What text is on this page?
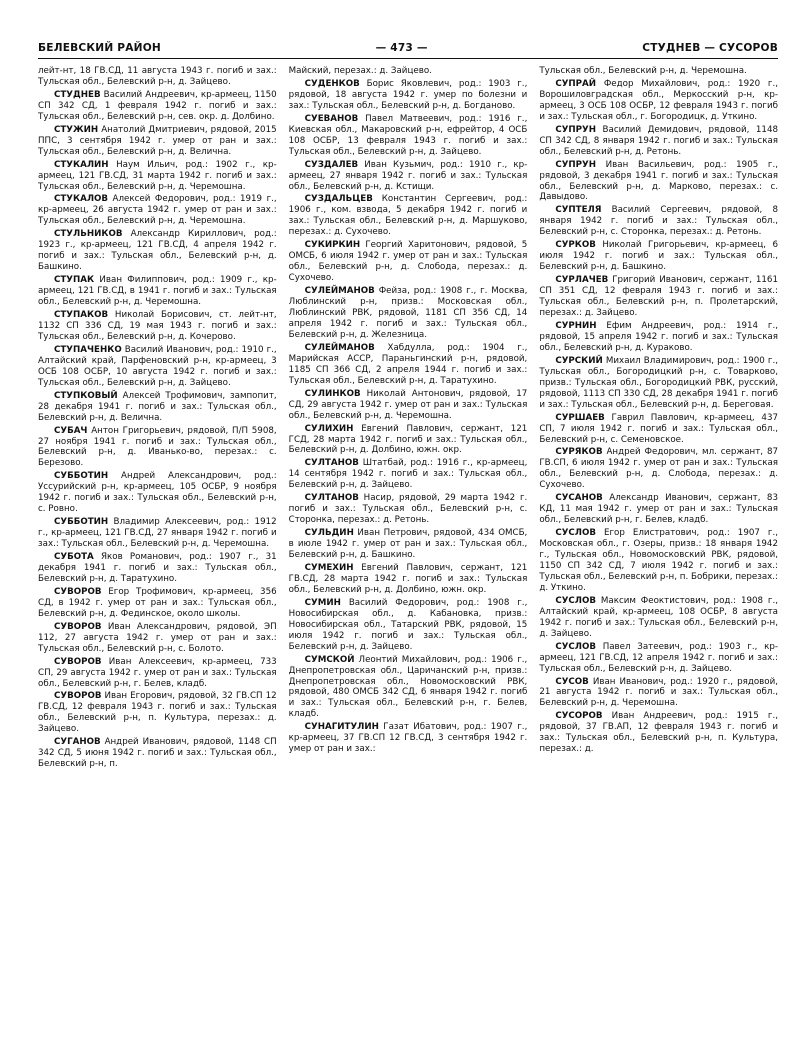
БЕЛЕВСКИЙ РАЙОН	— 473 —	СТУДНЕВ — СУСОРОВ

лейт-нт, 18 ГВ.СД, 11 августа 1943 г. погиб и зах.: Тульская обл., Белевский р-н, д. Зайцево.

СТУДНЕВ Василий Андреевич, кр-армеец, 1150 СП 342 СД, 1 февраля 1942 г. погиб и зах.: Тульская обл., Белевский р-н, сев. окр. д. Долбино.

СТУЖИН Анатолий Дмитриевич, рядовой, 2015 ППС, 3 сентября 1942 г. умер от ран и зах.: Тульская обл., Белевский р-н, д. Велична.

СТУКАЛИН Наум Ильич, род.: 1902 г., кр-армеец, 121 ГВ.СД, 31 марта 1942 г. погиб и зах.: Тульская обл., Белевский р-н, д. Черемошна.

СТУКАЛОВ Алексей Федорович, род.: 1919 г., кр-армеец, 26 августа 1942 г. умер от ран и зах.: Тульская обл., Белевский р-н, д. Черемошна.

СТУЛЬНИКОВ Александр Кириллович, род.: 1923 г., кр-армеец, 121 ГВ.СД, 4 апреля 1942 г. погиб и зах.: Тульская обл., Белевский р-н, д. Башкино.

СТУПАК Иван Филиппович, род.: 1909 г., кр-армеец, 121 ГВ.СД, в 1941 г. погиб и зах.: Тульская обл., Белевский р-н, д. Черемошна.

СТУПАКОВ Николай Борисович, ст. лейт-нт, 1132 СП 336 СД, 19 мая 1943 г. погиб и зах.: Тульская обл., Белевский р-н, д. Кочерово.

СТУПАЧЕНКО Василий Иванович, род.: 1910 г., Алтайский край, Парфеновский р-н, кр-армеец, 3 ОСБ 108 ОСБР, 10 августа 1942 г. погиб и зах.: Тульская обл., Белевский р-н, д. Зайцево.

СТУПКОВЫЙ Алексей Трофимович, зампопит, 28 декабря 1941 г. погиб и зах.: Тульская обл., Белевский р-н, д. Велична.

СУБАЧ Антон Григорьевич, рядовой, П/П 5908, 27 ноября 1941 г. погиб и зах.: Тульская обл., Белевский р-н, д. Иванько-во, перезах.: с. Березово.

СУББОТИН Андрей Александрович, род.: Уссурийский р-н, кр-армеец, 105 ОСБР, 9 ноября 1942 г. погиб и зах.: Тульская обл., Белевский р-н, с. Ровно.

СУББОТИН Владимир Алексеевич, род.: 1912 г., кр-армеец, 121 ГВ.СД, 27 января 1942 г. погиб и зах.: Тульская обл., Белевский р-н, д. Черемошна.

СУБОТА Яков Романович, род.: 1907 г., 31 декабря 1941 г. погиб и зах.: Тульская обл., Белевский р-н, д. Таратухино.

СУВОРОВ Егор Трофимович, кр-армеец, 356 СД, в 1942 г. умер от ран и зах.: Тульская обл., Белевский р-н, д. Фединское, около школы.

СУВОРОВ Иван Александрович, рядовой, ЭП 112, 27 августа 1942 г. умер от ран и зах.: Тульская обл., Белевский р-н, с. Болото.

СУВОРОВ Иван Алексеевич, кр-армеец, 733 СП, 29 августа 1942 г. умер от ран и зах.: Тульская обл., Белевский р-н, г. Белев, кладб.

СУВОРОВ Иван Егорович, рядовой, 32 ГВ.СП 12 ГВ.СД, 12 февраля 1943 г. погиб и зах.: Тульская обл., Белевский р-н, п. Культура, перезах.: д. Зайцево.

СУГАНОВ Андрей Иванович, рядовой, 1148 СП 342 СД, 5 июня 1942 г. погиб и зах.: Тульская обл., Белевский р-н, п.

Майский, перезах.: д. Зайцево.

СУДЕНКОВ Борис Яковлевич, род.: 1903 г., рядовой, 18 августа 1942 г. умер по болезни и зах.: Тульская обл., Белевский р-н, д. Богданово.

СУЕВАНОВ Павел Матвеевич, род.: 1916 г., Киевская обл., Макаровский р-н, ефрейтор, 4 ОСБ 108 ОСБР, 13 февраля 1943 г. погиб и зах.: Тульская обл., Белевский р-н, д. Зайцево.

СУЗДАЛЕВ Иван Кузьмич, род.: 1910 г., кр-армеец, 27 января 1942 г. погиб и зах.: Тульская обл., Белевский р-н, д. Кстищи.

СУЗДАЛЬЦЕВ Константин Сергеевич, род.: 1906 г., ком. взвода, 5 декабря 1942 г. погиб и зах.: Тульская обл., Белевский р-н, д. Маршуково, перезах.: д. Сухочево.

СУКИРКИН Георгий Харитонович, рядовой, 5 ОМСБ, 6 июля 1942 г. умер от ран и зах.: Тульская обл., Белевский р-н, д. Слобода, перезах.: д. Сухочево.

СУЛЕЙМАНОВ Фейза, род.: 1908 г., г. Москва, Люблинский р-н, призв.: Московская обл., Люблинский РВК, рядовой, 1181 СП 356 СД, 14 апреля 1942 г. погиб и зах.: Тульская обл., Белевский р-н, д. Железница.

СУЛЕЙМАНОВ Хабдулла, род.: 1904 г., Марийская АССР, Параньгинский р-н, рядовой, 1185 СП 366 СД, 2 апреля 1944 г. погиб и зах.: Тульская обл., Белевский р-н, д. Таратухино.

СУЛИНКОВ Николай Антонович, рядовой, 17 СД, 29 августа 1942 г. умер от ран и зах.: Тульская обл., Белевский р-н, д. Черемошна.

СУЛИХИН Евгений Павлович, сержант, 121 ГСД, 28 марта 1942 г. погиб и зах.: Тульская обл., Белевский р-н, д. Долбино, южн. окр.

СУЛТАНОВ Штатбай, род.: 1916 г., кр-армеец, 14 сентября 1942 г. погиб и зах.: Тульская обл., Белевский р-н, д. Зайцево.

СУЛТАНОВ Насир, рядовой, 29 марта 1942 г. погиб и зах.: Тульская обл., Белевский р-н, с. Сторонка, перезах.: д. Ретонь.

СУЛЬДИН Иван Петрович, рядовой, 434 ОМСБ, в июле 1942 г. умер от ран и зах.: Тульская обл., Белевский р-н, д. Башкино.

СУМЕХИН Евгений Павлович, сержант, 121 ГВ.СД, 28 марта 1942 г. погиб и зах.: Тульская обл., Белевский р-н, д. Долбино, южн. окр.

СУМИН Василий Федорович, род.: 1908 г., Новосибирская обл., д. Кабановка, призв.: Новосибирская обл., Татарский РВК, рядовой, 15 июля 1942 г. погиб и зах.: Тульская обл., Белевский р-н, д. Зайцево.

СУМСКОЙ Леонтий Михайлович, род.: 1906 г., Днепропетровская обл., Царичанский р-н, призв.: Днепропетровская обл., Новомосковский РВК, рядовой, 480 ОМСБ 342 СД, 6 января 1942 г. погиб и зах.: Тульская обл., Белевский р-н, г. Белев, кладб.

СУНАГИТУЛИН Газат Ибатович, род.: 1907 г., кр-армеец, 37 ГВ.СП 12 ГВ.СД, 3 сентября 1942 г. умер от ран и зах.:

Тульская обл., Белевский р-н, д. Черемошна.

СУПРАЙ Федор Михайлович, род.: 1920 г., Ворошиловградская обл., Меркосский р-н, кр-армеец, 3 ОСБ 108 ОСБР, 12 февраля 1943 г. погиб и зах.: Тульская обл., г. Богородицк, д. Уткино.

СУПРУН Василий Демидович, рядовой, 1148 СП 342 СД, 8 января 1942 г. погиб и зах.: Тульская обл., Белевский р-н, д. Ретонь.

СУПРУН Иван Васильевич, род.: 1905 г., рядовой, 3 декабря 1941 г. погиб и зах.: Тульская обл., Белевский р-н, д. Марково, перезах.: с. Давыдово.

СУПТЕЛЯ Василий Сергеевич, рядовой, 8 января 1942 г. погиб и зах.: Тульская обл., Белевский р-н, с. Сторонка, перезах.: д. Ретонь.

СУРКОВ Николай Григорьевич, кр-армеец, 6 июля 1942 г. погиб и зах.: Тульская обл., Белевский р-н, д. Башкино.

СУРЛАЧЕВ Григорий Иванович, сержант, 1161 СП 351 СД, 12 февраля 1943 г. погиб и зах.: Тульская обл., Белевский р-н, п. Пролетарский, перезах.: д. Зайцево.

СУРНИН Ефим Андреевич, род.: 1914 г., рядовой, 15 апреля 1942 г. погиб и зах.: Тульская обл., Белевский р-н, д. Кураково.

СУРСКИЙ Михаил Владимирович, род.: 1900 г., Тульская обл., Богородицкий р-н, с. Товарково, призв.: Тульская обл., Богородицкий РВК, русский, рядовой, 1113 СП 330 СД, 28 декабря 1941 г. погиб и зах.: Тульская обл., Белевский р-н, д. Береговая.

СУРШАЕВ Гаврил Павлович, кр-армеец, 437 СП, 7 июля 1942 г. погиб и зах.: Тульская обл., Белевский р-н, с. Семеновское.

СУРЯКОВ Андрей Федорович, мл. сержант, 87 ГВ.СП, 6 июля 1942 г. умер от ран и зах.: Тульская обл., Белевский р-н, д. Слобода, перезах.: д. Сухочево.

СУСАНОВ Александр Иванович, сержант, 83 КД, 11 мая 1942 г. умер от ран и зах.: Тульская обл., Белевский р-н, г. Белев, кладб.

СУСЛОВ Егор Елистратович, род.: 1907 г., Московская обл., г. Озеры, призв.: 18 января 1942 г., Тульская обл., Новомосковский РВК, рядовой, 1150 СП 342 СД, 7 июля 1942 г. погиб и зах.: Тульская обл., Белевский р-н, п. Бобрики, перезах.: д. Уткино.

СУСЛОВ Максим Феоктистович, род.: 1908 г., Алтайский край, кр-армеец, 108 ОСБР, 8 августа 1942 г. погиб и зах.: Тульская обл., Белевский р-н, д. Зайцево.

СУСЛОВ Павел Затеевич, род.: 1903 г., кр-армеец, 121 ГВ.СД, 12 апреля 1942 г. погиб и зах.: Тульская обл., Белевский р-н, д. Зайцево.

СУСОВ Иван Иванович, род.: 1920 г., рядовой, 21 августа 1942 г. погиб и зах.: Тульская обл., Белевский р-н, д. Черемошна.

СУСОРОВ Иван Андреевич, род.: 1915 г., рядовой, 37 ГВ.АП, 12 февраля 1943 г. погиб и зах.: Тульская обл., Белевский р-н, п. Культура, перезах.: д.
